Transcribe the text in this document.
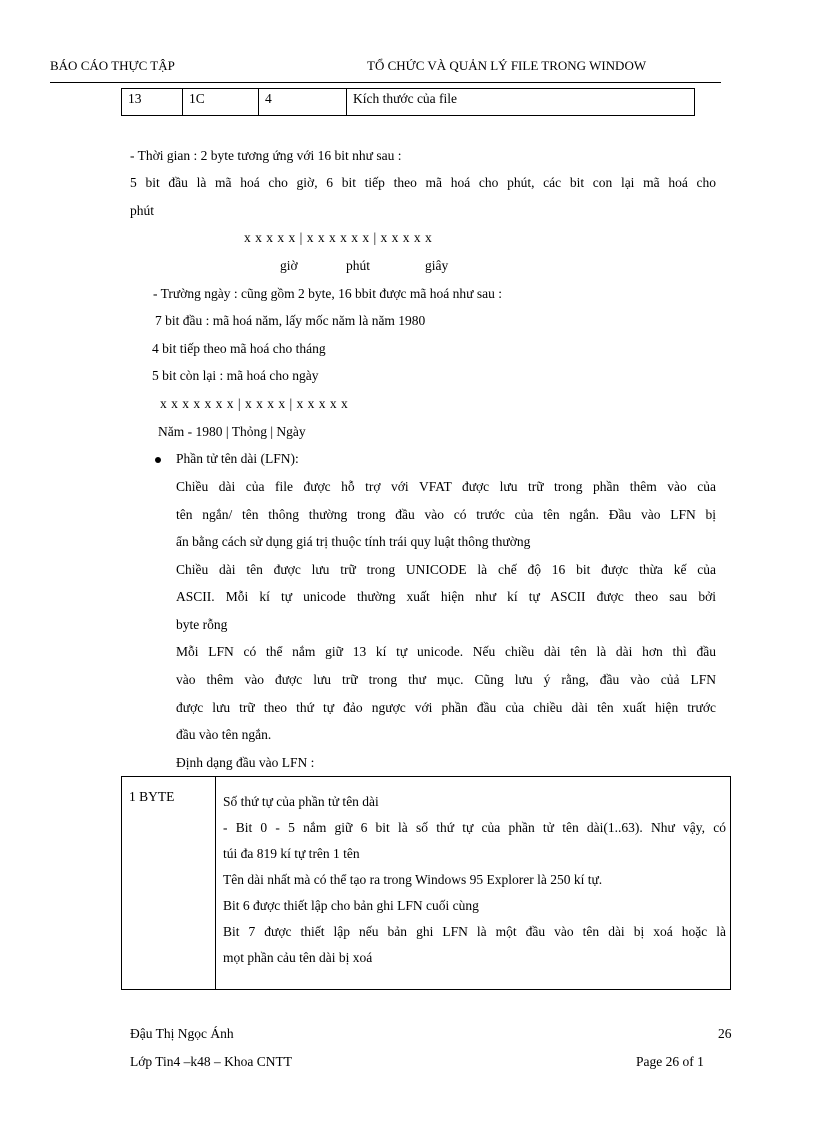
BÁO CÁO THỰC TẬP	TỔ CHỨC VÀ QUẢN LÝ FILE TRONG WINDOW
13	1C	4	Kích thước của file
- Thời gian : 2 byte tương ứng với 16 bit như sau :
5 bit đầu là mã hoá cho giờ, 6 bit tiếp theo mã hoá cho phút, các bit con lại mã hoá cho
phút
x x x x x | x x x x x x | x x x x x
giờ	phút	giây
- Trường ngày : cũng gồm 2 byte, 16 bbit được mã hoá như sau :
7 bit đầu : mã hoá năm, lấy mốc năm là năm 1980
4 bit tiếp theo mã hoá cho tháng
5 bit còn lại : mã hoá cho ngày
x x x x x x x | x x x x | x x x x x
Năm - 1980 | Thỏng | Ngày
Phần tử tên dài (LFN):
Chiều dài của file được hỗ trợ với VFAT được lưu trữ trong phần thêm vào của
tên ngắn/ tên thông thường trong đầu vào có trước của tên ngắn. Đầu vào LFN bị
ẩn bằng cách sử dụng giá trị thuộc tính trái quy luật thông thường
Chiều dài tên được lưu trữ trong UNICODE là chế độ 16 bit được thừa kế của
ASCII. Mỗi kí tự unicode thường xuất hiện như kí tự ASCII được theo sau bởi
byte rỗng
Mỗi LFN có thể nắm giữ 13 kí tự unicode. Nếu chiều dài tên là dài hơn thì đầu
vào thêm vào được lưu trữ trong thư mục. Cũng lưu ý rằng, đầu vào củả LFN
được lưu trữ theo thứ tự đảo ngược với phần đầu của chiều dài tên xuất hiện trước
đầu vào tên ngắn.
Định dạng đầu vào LFN :
1 BYTE	Số thứ tự của phần tử tên dài
- Bit 0 - 5 nắm giữ 6 bit là số thứ tự của phần tử tên dài(1..63). Như vậy, có
túi đa 819 kí tự trên 1 tên
Tên dài nhất mà có thể tạo ra trong Windows 95 Explorer là 250 kí tự.
Bit 6 được thiết lập cho bản ghi LFN cuối cùng
Bit 7 được thiết lập nếu bản ghi LFN là một đầu vào tên dài bị xoá hoặc là
mọt phần cảu tên dài bị xoá
Đậu Thị Ngọc Ánh	26
Lớp Tin4 –k48 – Khoa CNTT	Page 26 of 1
